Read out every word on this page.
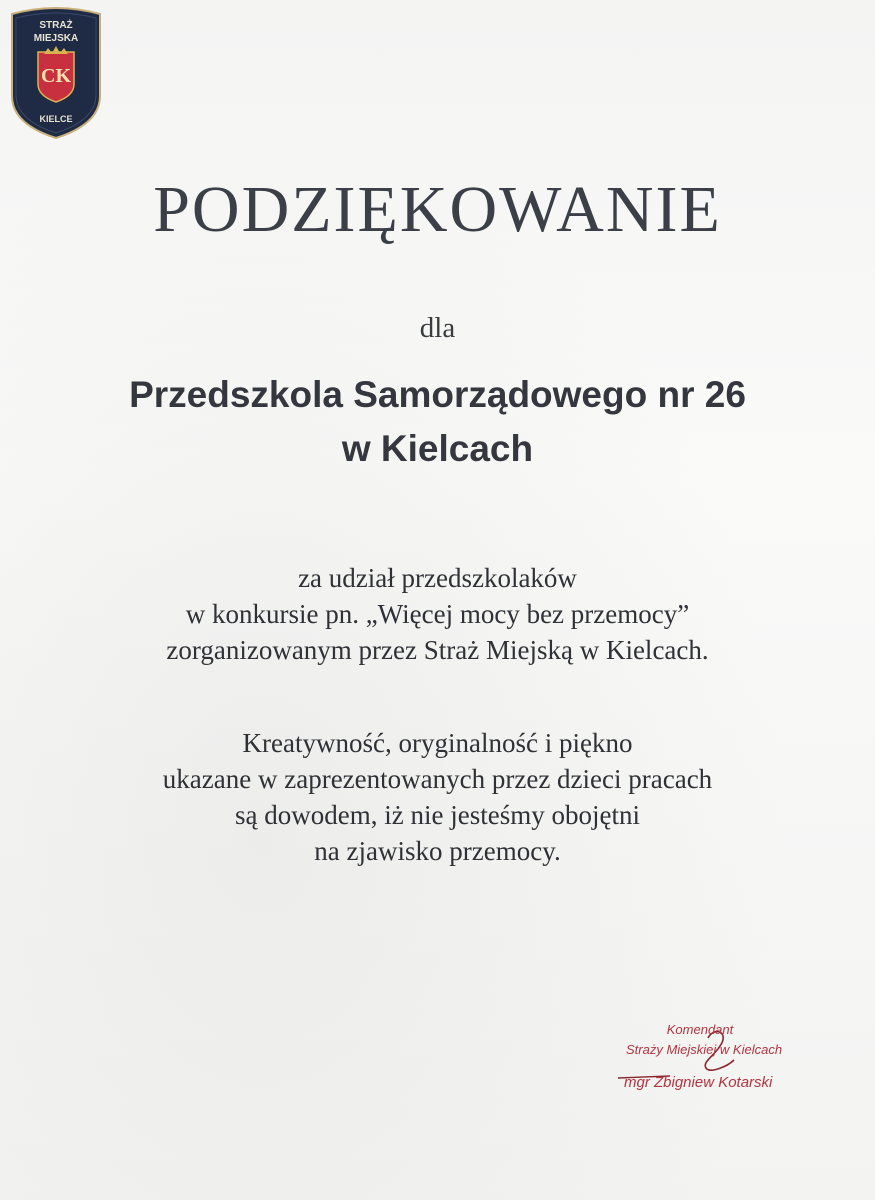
STRAŻ
MIEJSKA
CK
KIELCE
PODZIĘKOWANIE
dla
Przedszkola Samorządowego nr 26
w Kielcach
za udział przedszkolaków
w konkursie pn. „Więcej mocy bez przemocy”
zorganizowanym przez Straż Miejską w Kielcach.
Kreatywność, oryginalność i piękno
ukazane w zaprezentowanych przez dzieci pracach
są dowodem, iż nie jesteśmy obojętni
na zjawisko przemocy.
Komendant
Straży Miejskiej w Kielcach
mgr Zbigniew Kotarski
